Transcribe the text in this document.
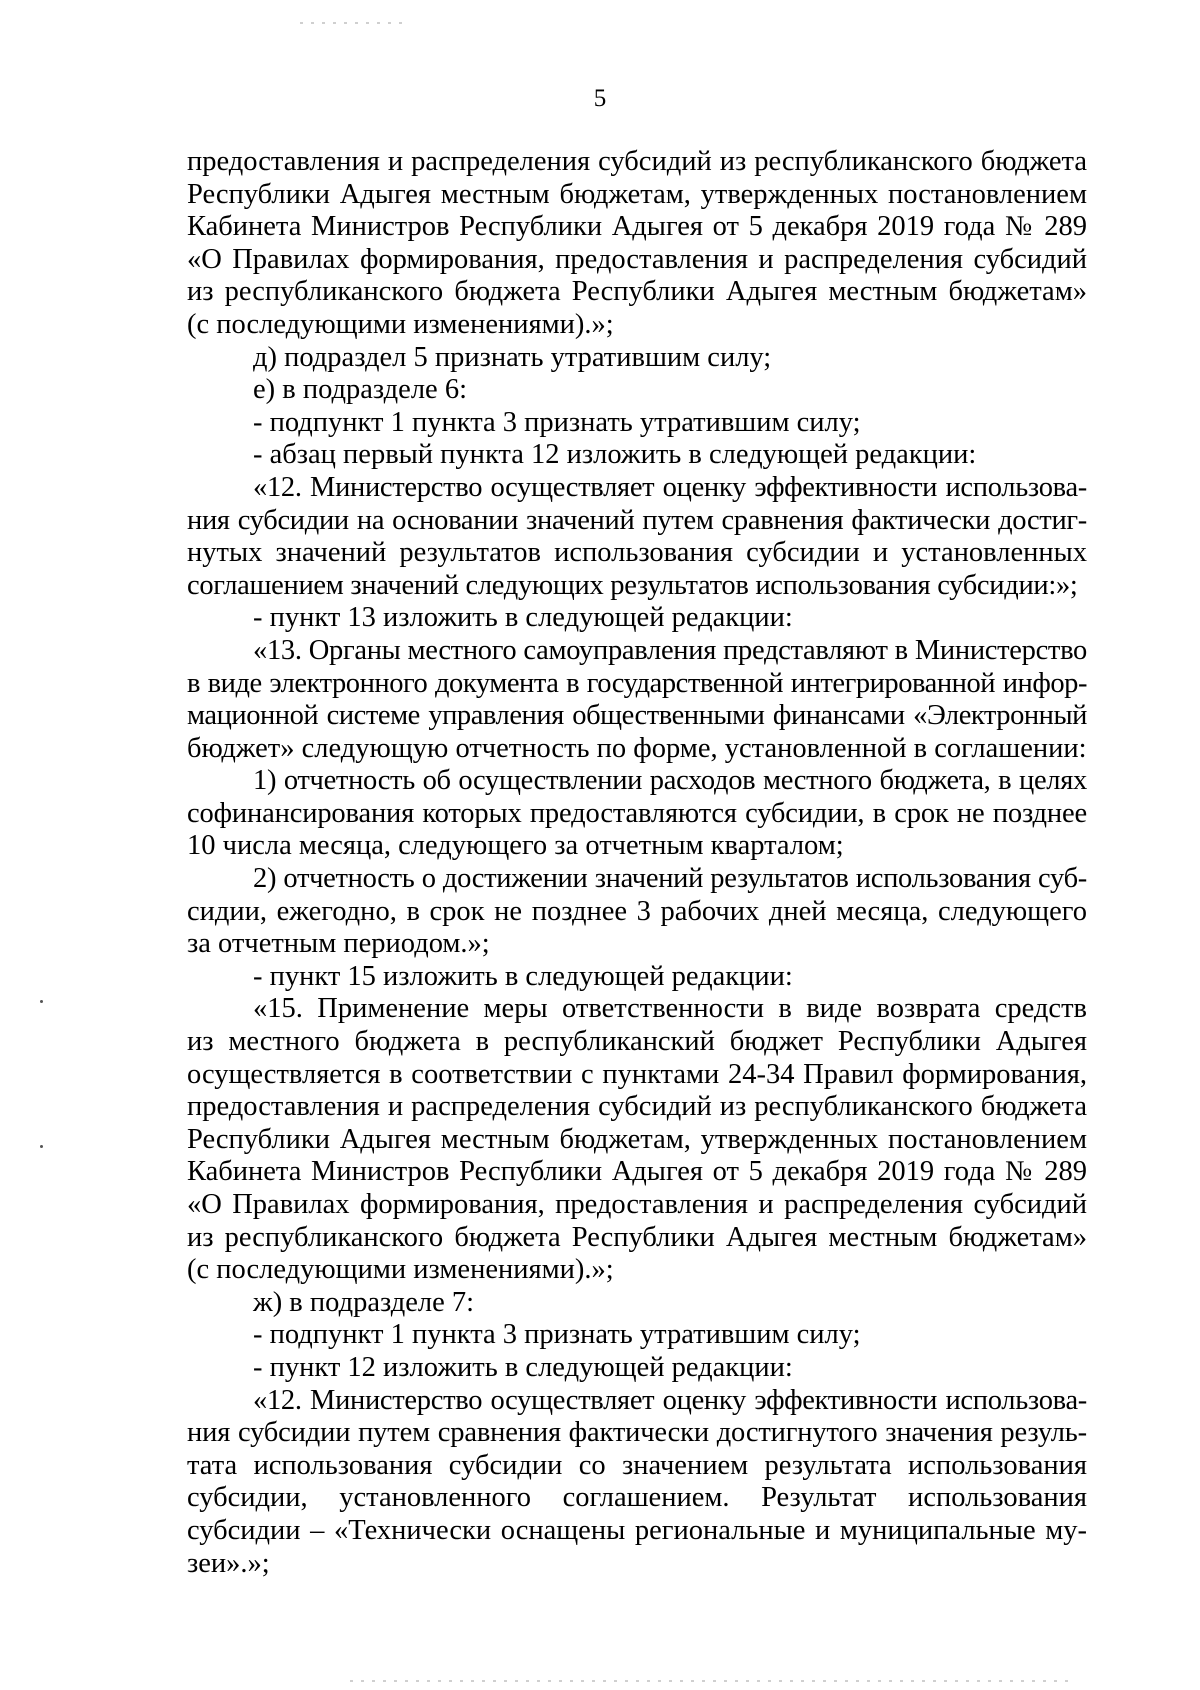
5
предоставления и распределения субсидий из республиканского бюджета
Республики Адыгея местным бюджетам, утвержденных постановлением
Кабинета Министров Республики Адыгея от 5 декабря 2019 года № 289
«О Правилах формирования, предоставления и распределения субсидий
из республиканского бюджета Республики Адыгея местным бюджетам»
(с последующими изменениями).»;
д) подраздел 5 признать утратившим силу;
е) в подразделе 6:
- подпункт 1 пункта 3 признать утратившим силу;
- абзац первый пункта 12 изложить в следующей редакции:
«12. Министерство осуществляет оценку эффективности использова-
ния субсидии на основании значений путем сравнения фактически достиг-
нутых значений результатов использования субсидии и установленных
соглашением значений следующих результатов использования субсидии:»;
- пункт 13 изложить в следующей редакции:
«13. Органы местного самоуправления представляют в Министерство
в виде электронного документа в государственной интегрированной инфор-
мационной системе управления общественными финансами «Электронный
бюджет» следующую отчетность по форме, установленной в соглашении:
1) отчетность об осуществлении расходов местного бюджета, в целях
софинансирования которых предоставляются субсидии, в срок не позднее
10 числа месяца, следующего за отчетным кварталом;
2) отчетность о достижении значений результатов использования суб-
сидии, ежегодно, в срок не позднее 3 рабочих дней месяца, следующего
за отчетным периодом.»;
- пункт 15 изложить в следующей редакции:
«15. Применение меры ответственности в виде возврата средств
из местного бюджета в республиканский бюджет Республики Адыгея
осуществляется в соответствии с пунктами 24-34 Правил формирования,
предоставления и распределения субсидий из республиканского бюджета
Республики Адыгея местным бюджетам, утвержденных постановлением
Кабинета Министров Республики Адыгея от 5 декабря 2019 года № 289
«О Правилах формирования, предоставления и распределения субсидий
из республиканского бюджета Республики Адыгея местным бюджетам»
(с последующими изменениями).»;
ж) в подразделе 7:
- подпункт 1 пункта 3 признать утратившим силу;
- пункт 12 изложить в следующей редакции:
«12. Министерство осуществляет оценку эффективности использова-
ния субсидии путем сравнения фактически достигнутого значения резуль-
тата использования субсидии со значением результата использования
субсидии, установленного соглашением. Результат использования
субсидии – «Технически оснащены региональные и муниципальные му-
зеи».»;
